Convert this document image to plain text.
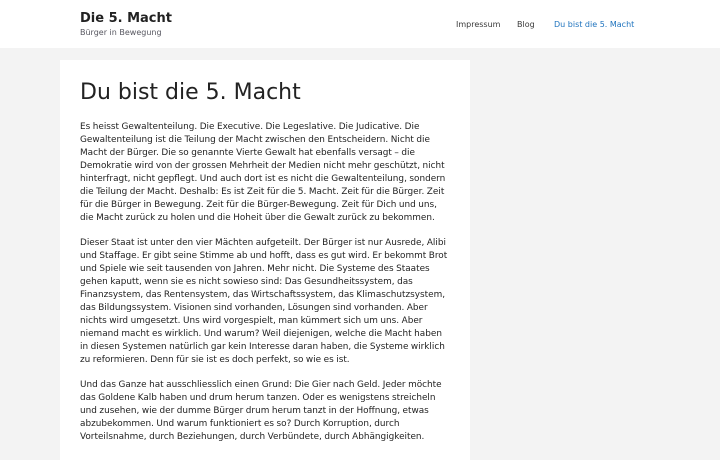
Die 5. Macht
Bürger in Bewegung
Impressum Blog Du bist die 5. Macht
Du bist die 5. Macht

Es heisst Gewaltenteilung. Die Executive. Die Legeslative. Die Judicative. Die Gewaltenteilung ist die Teilung der Macht zwischen den Entscheidern. Nicht die Macht der Bürger. Die so genannte Vierte Gewalt hat ebenfalls versagt – die Demokratie wird von der grossen Mehrheit der Medien nicht mehr geschützt, nicht hinterfragt, nicht gepflegt. Und auch dort ist es nicht die Gewaltenteilung, sondern die Teilung der Macht. Deshalb: Es ist Zeit für die 5. Macht. Zeit für die Bürger. Zeit für die Bürger in Bewegung. Zeit für die Bürger-Bewegung. Zeit für Dich und uns, die Macht zurück zu holen und die Hoheit über die Gewalt zurück zu bekommen.

Dieser Staat ist unter den vier Mächten aufgeteilt. Der Bürger ist nur Ausrede, Alibi und Staffage. Er gibt seine Stimme ab und hofft, dass es gut wird. Er bekommt Brot und Spiele wie seit tausenden von Jahren. Mehr nicht. Die Systeme des Staates gehen kaputt, wenn sie es nicht sowieso sind: Das Gesundheitssystem, das Finanzsystem, das Rentensystem, das Wirtschaftssystem, das Klimaschutzsystem, das Bildungssystem. Visionen sind vorhanden, Lösungen sind vorhanden. Aber nichts wird umgesetzt. Uns wird vorgespielt, man kümmert sich um uns. Aber niemand macht es wirklich. Und warum? Weil diejenigen, welche die Macht haben in diesen Systemen natürlich gar kein Interesse daran haben, die Systeme wirklich zu reformieren. Denn für sie ist es doch perfekt, so wie es ist.

Und das Ganze hat ausschliesslich einen Grund: Die Gier nach Geld. Jeder möchte das Goldene Kalb haben und drum herum tanzen. Oder es wenigstens streicheln und zusehen, wie der dumme Bürger drum herum tanzt in der Hoffnung, etwas abzubekommen. Und warum funktioniert es so? Durch Korruption, durch Vorteilsnahme, durch Beziehungen, durch Verbündete, durch Abhängigkeiten.
